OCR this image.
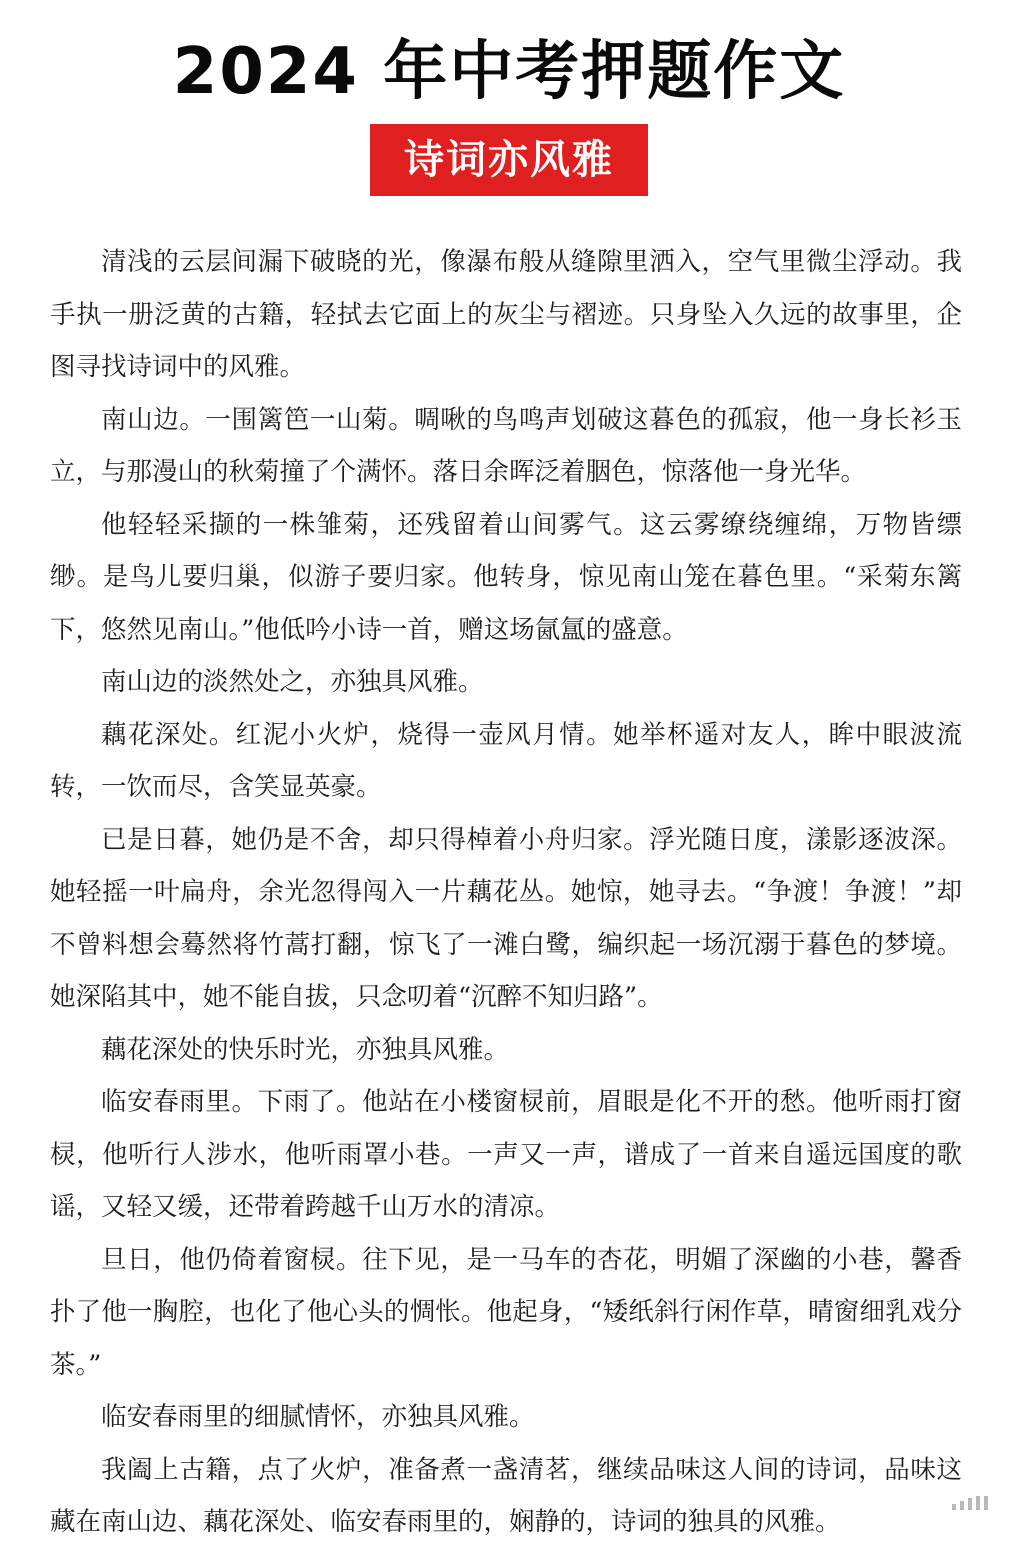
2024 年中考押题作文
诗词亦风雅

清浅的云层间漏下破晓的光，像瀑布般从缝隙里洒入，空气里微尘浮动。我手执一册泛黄的古籍，轻拭去它面上的灰尘与褶迹。只身坠入久远的故事里，企图寻找诗词中的风雅。

南山边。一围篱笆一山菊。啁啾的鸟鸣声划破这暮色的孤寂，他一身长衫玉立，与那漫山的秋菊撞了个满怀。落日余晖泛着胭色，惊落他一身光华。

他轻轻采撷的一株雏菊，还残留着山间雾气。这云雾缭绕缠绵，万物皆缥缈。是鸟儿要归巢，似游子要归家。他转身，惊见南山笼在暮色里。“采菊东篱下，悠然见南山。”他低吟小诗一首，赠这场氤氲的盛意。

南山边的淡然处之，亦独具风雅。

藕花深处。红泥小火炉，烧得一壶风月情。她举杯遥对友人，眸中眼波流转，一饮而尽，含笑显英豪。

已是日暮，她仍是不舍，却只得棹着小舟归家。浮光随日度，漾影逐波深。她轻摇一叶扁舟，余光忽得闯入一片藕花丛。她惊，她寻去。“争渡！争渡！”却不曾料想会蓦然将竹蒿打翻，惊飞了一滩白鹭，编织起一场沉溺于暮色的梦境。她深陷其中，她不能自拔，只念叨着“沉醉不知归路”。

藕花深处的快乐时光，亦独具风雅。

临安春雨里。下雨了。他站在小楼窗棂前，眉眼是化不开的愁。他听雨打窗棂，他听行人涉水，他听雨罩小巷。一声又一声，谱成了一首来自遥远国度的歌谣，又轻又缓，还带着跨越千山万水的清凉。

旦日，他仍倚着窗棂。往下见，是一马车的杏花，明媚了深幽的小巷，馨香扑了他一胸腔，也化了他心头的惆怅。他起身，“矮纸斜行闲作草，晴窗细乳戏分茶。”

临安春雨里的细腻情怀，亦独具风雅。

我阖上古籍，点了火炉，准备煮一盏清茗，继续品味这人间的诗词，品味这藏在南山边、藕花深处、临安春雨里的，娴静的，诗词的独具的风雅。
